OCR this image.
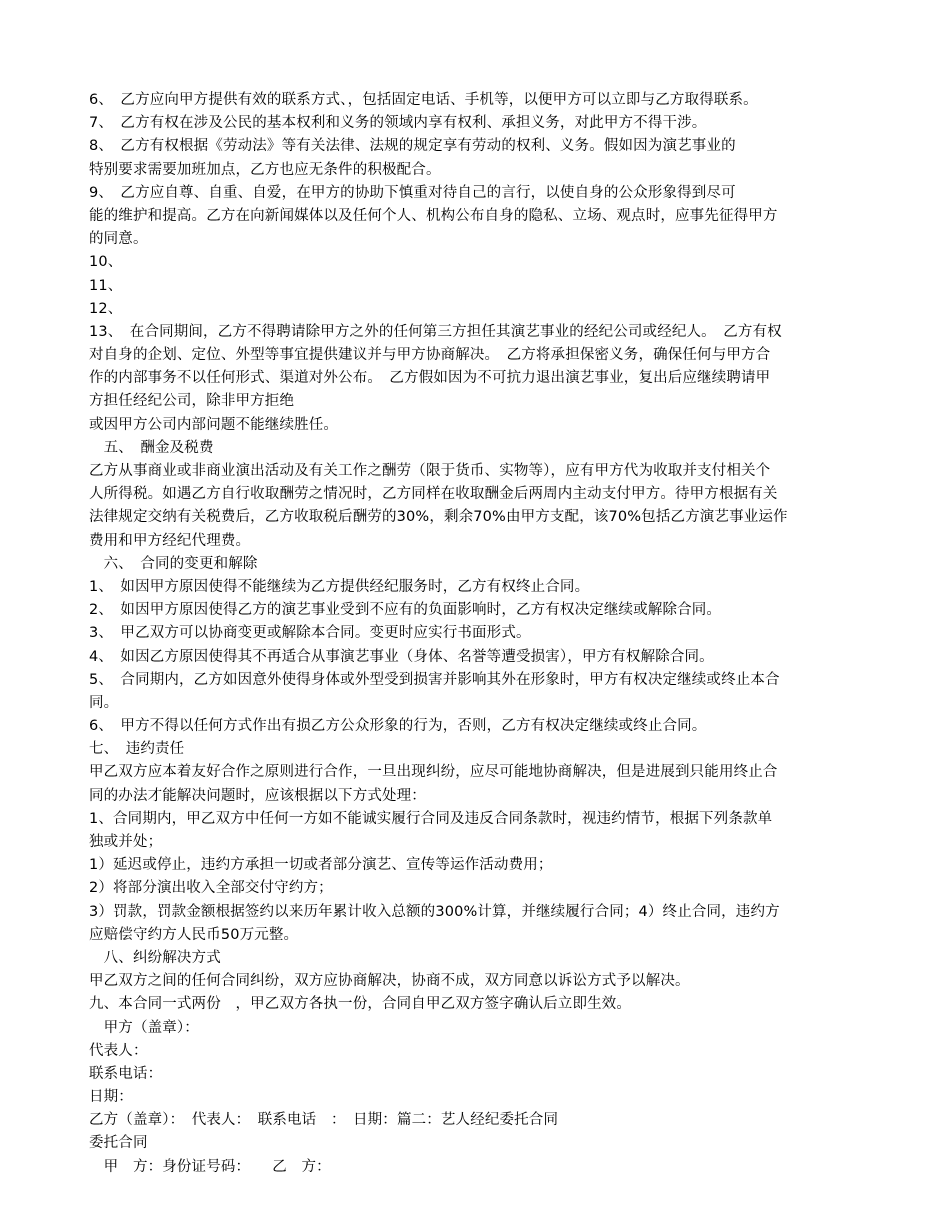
6、　乙方应向甲方提供有效的联系方式、，包括固定电话、手机等，以便甲方可以立即与乙方取得联系。
7、　乙方有权在涉及公民的基本权利和义务的领域内享有权利、承担义务，对此甲方不得干涉。
8、　乙方有权根据《劳动法》等有关法律、法规的规定享有劳动的权利、义务。假如因为演艺事业的
特别要求需要加班加点，乙方也应无条件的积极配合。
9、　乙方应自尊、自重、自爱，在甲方的协助下慎重对待自己的言行，以使自身的公众形象得到尽可
能的维护和提高。乙方在向新闻媒体以及任何个人、机构公布自身的隐私、立场、观点时，应事先征得甲方
的同意。
10、
11、
12、
13、　在合同期间，乙方不得聘请除甲方之外的任何第三方担任其演艺事业的经纪公司或经纪人。　乙方有权
对自身的企划、定位、外型等事宜提供建议并与甲方协商解决。　乙方将承担保密义务，确保任何与甲方合
作的内部事务不以任何形式、渠道对外公布。　乙方假如因为不可抗力退出演艺事业，复出后应继续聘请甲
方担任经纪公司，除非甲方拒绝
或因甲方公司内部问题不能继续胜任。
　五、　酬金及税费
乙方从事商业或非商业演出活动及有关工作之酬劳（限于货币、实物等），应有甲方代为收取并支付相关个
人所得税。如遇乙方自行收取酬劳之情况时，乙方同样在收取酬金后两周内主动支付甲方。待甲方根据有关
法律规定交纳有关税费后，乙方收取税后酬劳的30%，剩余70%由甲方支配，该70%包括乙方演艺事业运作
费用和甲方经纪代理费。
　六、　合同的变更和解除
1、　如因甲方原因使得不能继续为乙方提供经纪服务时，乙方有权终止合同。
2、　如因甲方原因使得乙方的演艺事业受到不应有的负面影响时，乙方有权决定继续或解除合同。
3、　甲乙双方可以协商变更或解除本合同。变更时应实行书面形式。
4、　如因乙方原因使得其不再适合从事演艺事业（身体、名誉等遭受损害），甲方有权解除合同。
5、　合同期内，乙方如因意外使得身体或外型受到损害并影响其外在形象时，甲方有权决定继续或终止本合
同。
6、　甲方不得以任何方式作出有损乙方公众形象的行为，否则，乙方有权决定继续或终止合同。
七、　违约责任
甲乙双方应本着友好合作之原则进行合作，一旦出现纠纷，应尽可能地协商解决，但是进展到只能用终止合
同的办法才能解决问题时，应该根据以下方式处理：
1、合同期内，甲乙双方中任何一方如不能诚实履行合同及违反合同条款时，视违约情节，根据下列条款单
独或并处；
1）延迟或停止，违约方承担一切或者部分演艺、宣传等运作活动费用；
2）将部分演出收入全部交付守约方；
3）罚款，罚款金额根据签约以来历年累计收入总额的300%计算，并继续履行合同；4）终止合同，违约方
应赔偿守约方人民币50万元整。
　八、纠纷解决方式
甲乙双方之间的任何合同纠纷，双方应协商解决，协商不成，双方同意以诉讼方式予以解决。
九、本合同一式两份　，甲乙双方各执一份，合同自甲乙双方签字确认后立即生效。
　甲方（盖章）：
代表人：
联系电话：
日期：
乙方（盖章）：　代表人：　联系电话　：　日期：篇二：艺人经纪委托合同
委托合同
　甲　方：身份证号码：　　乙　方：
